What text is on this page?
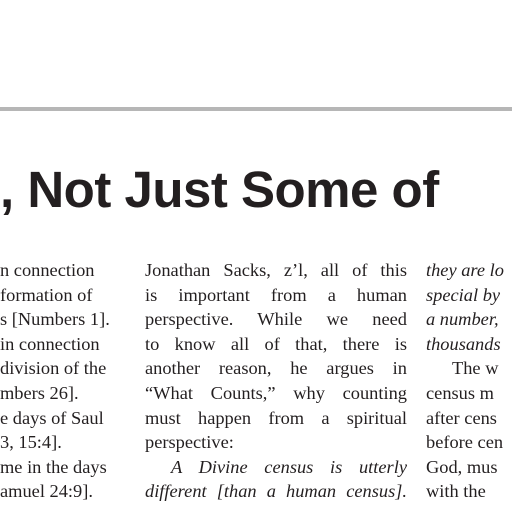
, Not Just Some of
n connection
formation of
s [Numbers 1].
in connection
division of the
mbers 26].
e days of Saul
3, 15:4].
me in the days
amuel 24:9].
Jonathan Sacks, z’l, all of this
is important from a human
perspective. While we need
to know all of that, there is
another reason, he argues in
“What Counts,” why counting
must happen from a spiritual
perspective:
A Divine census is utterly
different [than a human census].
they are lo
special by
a number,
thousands
The w
census m
after cens
before cen
God, mus
with the
